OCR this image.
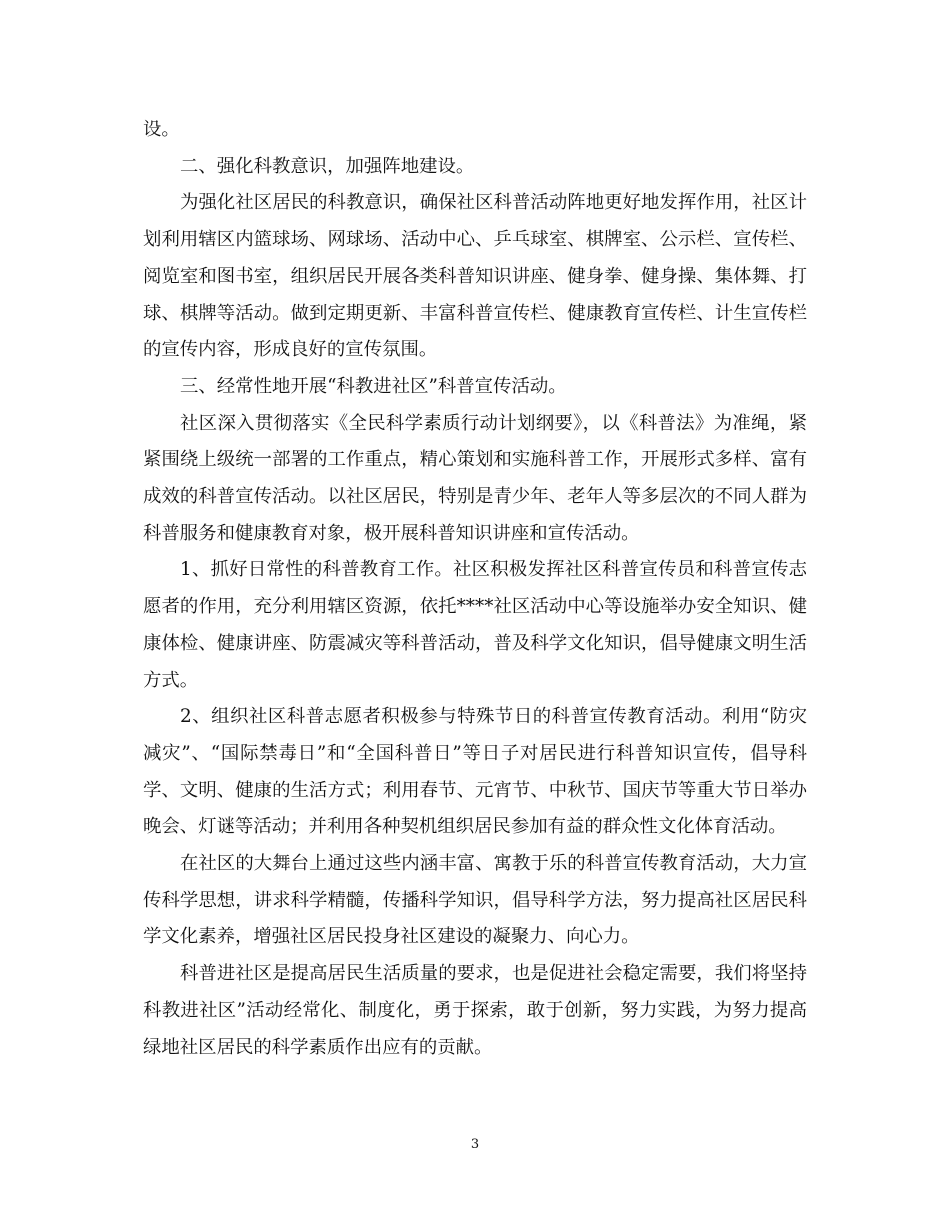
设。

二、强化科教意识，加强阵地建设。

为强化社区居民的科教意识，确保社区科普活动阵地更好地发挥作用，社区计划利用辖区内篮球场、网球场、活动中心、乒乓球室、棋牌室、公示栏、宣传栏、阅览室和图书室，组织居民开展各类科普知识讲座、健身拳、健身操、集体舞、打球、棋牌等活动。做到定期更新、丰富科普宣传栏、健康教育宣传栏、计生宣传栏的宣传内容，形成良好的宣传氛围。

三、经常性地开展“科教进社区”科普宣传活动。

社区深入贯彻落实《全民科学素质行动计划纲要》，以《科普法》为准绳，紧紧围绕上级统一部署的工作重点，精心策划和实施科普工作，开展形式多样、富有成效的科普宣传活动。以社区居民，特别是青少年、老年人等多层次的不同人群为科普服务和健康教育对象，极开展科普知识讲座和宣传活动。

1、抓好日常性的科普教育工作。社区积极发挥社区科普宣传员和科普宣传志愿者的作用，充分利用辖区资源，依托****社区活动中心等设施举办安全知识、健康体检、健康讲座、防震减灾等科普活动，普及科学文化知识，倡导健康文明生活方式。

2、组织社区科普志愿者积极参与特殊节日的科普宣传教育活动。利用“防灾减灾”、“国际禁毒日”和“全国科普日”等日子对居民进行科普知识宣传，倡导科学、文明、健康的生活方式；利用春节、元宵节、中秋节、国庆节等重大节日举办晚会、灯谜等活动；并利用各种契机组织居民参加有益的群众性文化体育活动。

在社区的大舞台上通过这些内涵丰富、寓教于乐的科普宣传教育活动，大力宣传科学思想，讲求科学精髓，传播科学知识，倡导科学方法，努力提高社区居民科学文化素养，增强社区居民投身社区建设的凝聚力、向心力。

科普进社区是提高居民生活质量的要求，也是促进社会稳定需要，我们将坚持科教进社区”活动经常化、制度化，勇于探索，敢于创新，努力实践，为努力提高绿地社区居民的科学素质作出应有的贡献。

3
